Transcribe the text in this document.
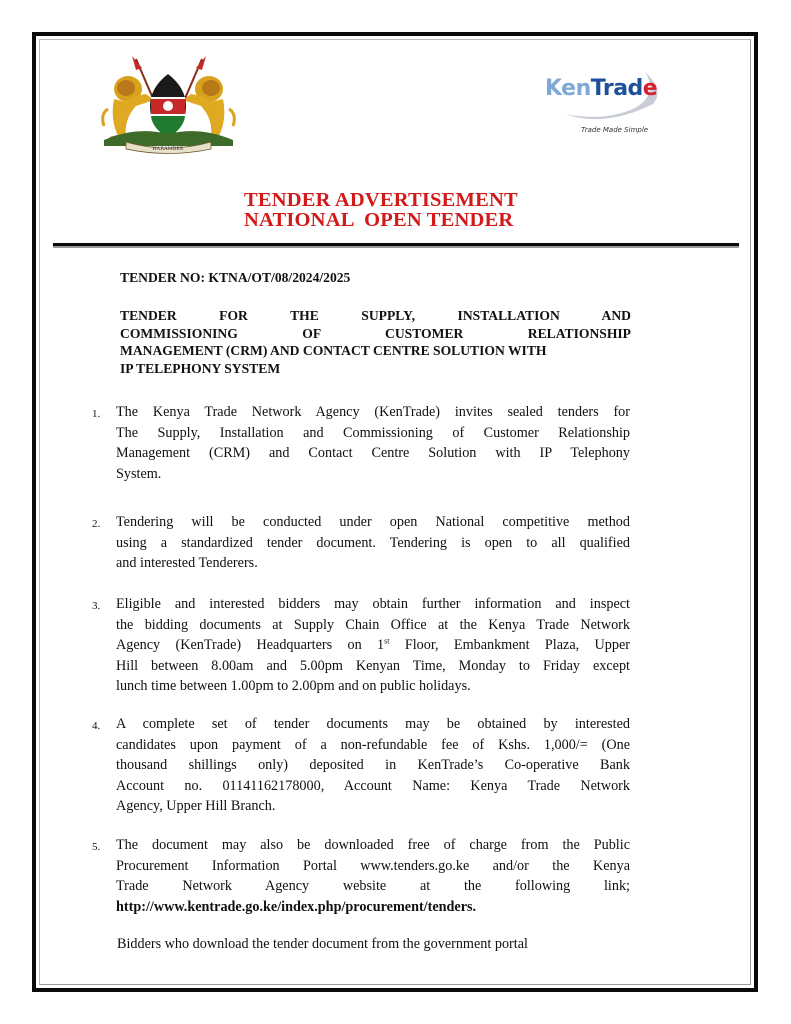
HARAMBEE
KenTrade
Trade Made Simple
TENDER ADVERTISEMENT
NATIONAL  OPEN TENDER
TENDER NO: KTNA/OT/08/2024/2025
TENDER FOR THE SUPPLY, INSTALLATION AND
COMMISSIONING OF CUSTOMER RELATIONSHIP
MANAGEMENT (CRM) AND CONTACT CENTRE SOLUTION WITH
IP TELEPHONY SYSTEM
1.	The Kenya Trade Network Agency (KenTrade) invites sealed tenders for
The Supply, Installation and Commissioning of Customer Relationship
Management (CRM) and Contact Centre Solution with IP Telephony
System.
2.	Tendering will be conducted under open National competitive method
using a standardized tender document. Tendering is open to all qualified
and interested Tenderers.
3.	Eligible and interested bidders may obtain further information and inspect
the bidding documents at Supply Chain Office at the Kenya Trade Network
Agency (KenTrade) Headquarters on 1st Floor, Embankment Plaza, Upper
Hill between 8.00am and 5.00pm Kenyan Time, Monday to Friday except
lunch time between 1.00pm to 2.00pm and on public holidays.
4.	A complete set of tender documents may be obtained by interested
candidates upon payment of a non-refundable fee of Kshs. 1,000/= (One
thousand shillings only) deposited in KenTrade’s Co-operative Bank
Account no. 01141162178000, Account Name: Kenya Trade Network
Agency, Upper Hill Branch.
5.	The document may also be downloaded free of charge from the Public
Procurement Information Portal www.tenders.go.ke and/or the Kenya
Trade Network Agency website at the following link;
http://www.kentrade.go.ke/index.php/procurement/tenders.
Bidders who download the tender document from the government portal
